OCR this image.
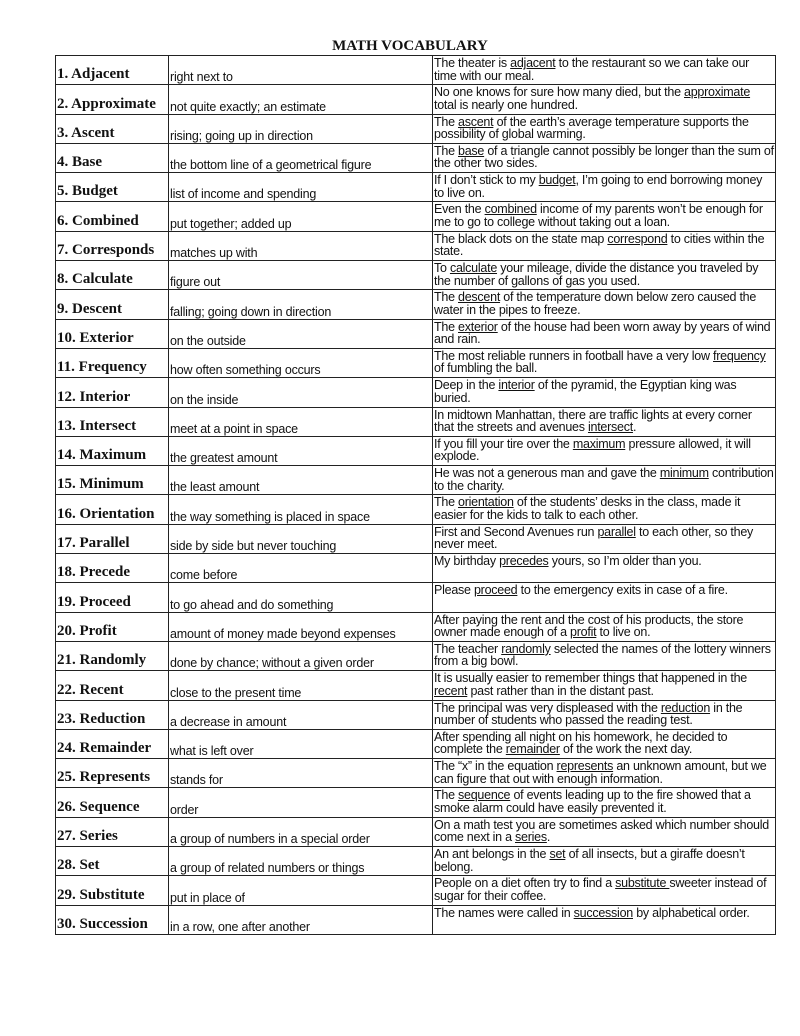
MATH VOCABULARY
1. Adjacent	right next to	The theater is adjacent to the restaurant so we can take our time with our meal.
2. Approximate	not quite exactly; an estimate	No one knows for sure how many died, but the approximate total is nearly one hundred.
3. Ascent	rising; going up in direction	The ascent of the earth’s average temperature supports the possibility of global warming.
4. Base	the bottom line of a geometrical figure	The base of a triangle cannot possibly be longer than the sum of the other two sides.
5. Budget	list of income and spending	If I don’t stick to my budget, I’m going to end borrowing money to live on.
6. Combined	put together; added up	Even the combined income of my parents won’t be enough for me to go to college without taking out a loan.
7. Corresponds	matches up with	The black dots on the state map correspond to cities within the state.
8. Calculate	figure out	To calculate your mileage, divide the distance you traveled by the number of gallons of gas you used.
9. Descent	falling; going down in direction	The descent of the temperature down below zero caused the water in the pipes to freeze.
10. Exterior	on the outside	The exterior of the house had been worn away by years of wind and rain.
11. Frequency	how often something occurs	The most reliable runners in football have a very low frequency of fumbling the ball.
12. Interior	on the inside	Deep in the interior of the pyramid, the Egyptian king was buried.
13. Intersect	meet at a point in space	In midtown Manhattan, there are traffic lights at every corner that the streets and avenues intersect.
14. Maximum	the greatest amount	If you fill your tire over the maximum pressure allowed, it will explode.
15. Minimum	the least amount	He was not a generous man and gave the minimum contribution to the charity.
16. Orientation	the way something is placed in space	The orientation of the students’ desks in the class, made it easier for the kids to talk to each other.
17. Parallel	side by side but never touching	First and Second Avenues run parallel to each other, so they never meet.
18. Precede	come before	My birthday precedes yours, so I’m older than you.
19. Proceed	to go ahead and do something	Please proceed to the emergency exits in case of a fire.
20. Profit	amount of money made beyond expenses	After paying the rent and the cost of his products, the store owner made enough of a profit to live on.
21. Randomly	done by chance; without a given order	The teacher randomly selected the names of the lottery winners from a big bowl.
22. Recent	close to the present time	It is usually easier to remember things that happened in the recent past rather than in the distant past.
23. Reduction	a decrease in amount	The principal was very displeased with the reduction in the number of students who passed the reading test.
24. Remainder	what is left over	After spending all night on his homework, he decided to complete the remainder of the work the next day.
25. Represents	stands for	The “x” in the equation represents an unknown amount, but we can figure that out with enough information.
26. Sequence	order	The sequence of events leading up to the fire showed that a smoke alarm could have easily prevented it.
27. Series	a group of numbers in a special order	On a math test you are sometimes asked which number should come next in a series.
28. Set	a group of related numbers or things	An ant belongs in the set of all insects, but a giraffe doesn’t belong.
29. Substitute	put in place of	People on a diet often try to find a substitute sweeter instead of sugar for their coffee.
30. Succession	in a row, one after another	The names were called in succession by alphabetical order.
